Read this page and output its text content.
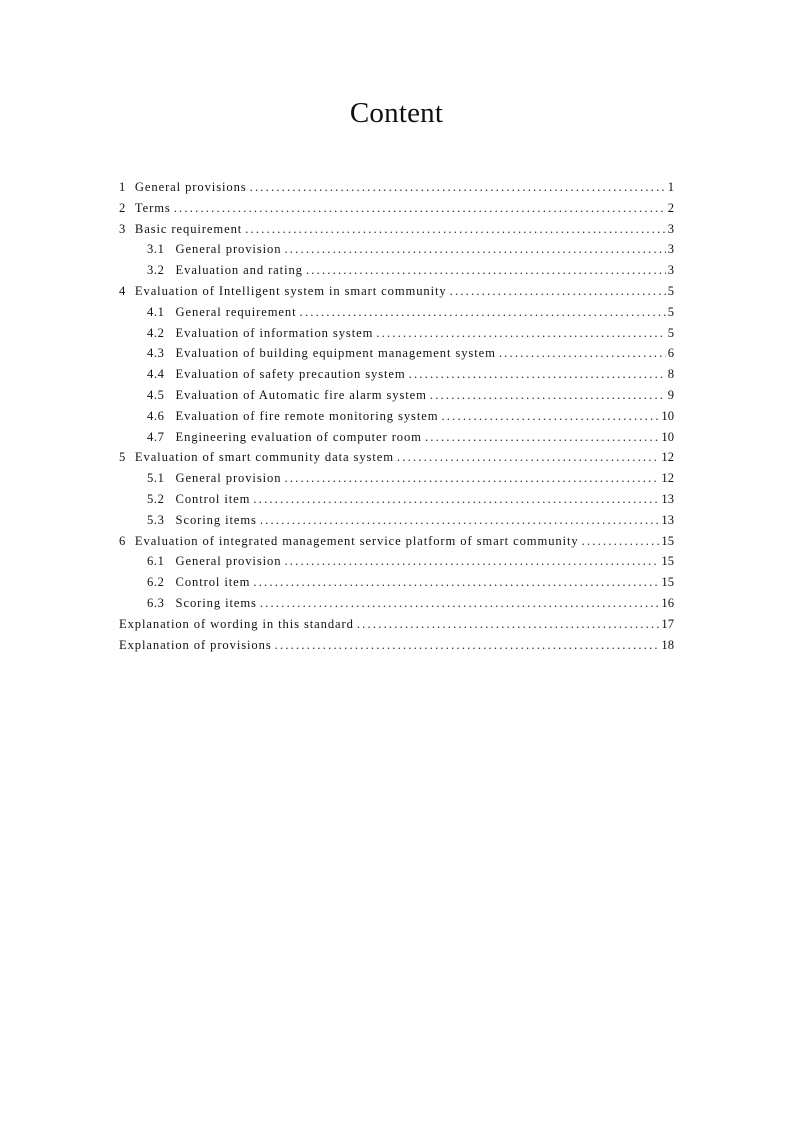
Content
1 General provisions .....	1
2 Terms .....	2
3 Basic requirement .....	3
3.1 General provision .....	3
3.2 Evaluation and rating .....	3
4 Evaluation of Intelligent system in smart community .....	5
4.1 General requirement .....	5
4.2 Evaluation of information system .....	5
4.3 Evaluation of building equipment management system .....	6
4.4 Evaluation of safety precaution system .....	8
4.5 Evaluation of Automatic fire alarm system .....	9
4.6 Evaluation of fire remote monitoring system .....	10
4.7 Engineering evaluation of computer room .....	10
5 Evaluation of smart community data system .....	12
5.1 General provision .....	12
5.2 Control item .....	13
5.3 Scoring items .....	13
6 Evaluation of integrated management service platform of smart community .....	15
6.1 General provision .....	15
6.2 Control item .....	15
6.3 Scoring items .....	16
Explanation of wording in this standard .....	17
Explanation of provisions .....	18
